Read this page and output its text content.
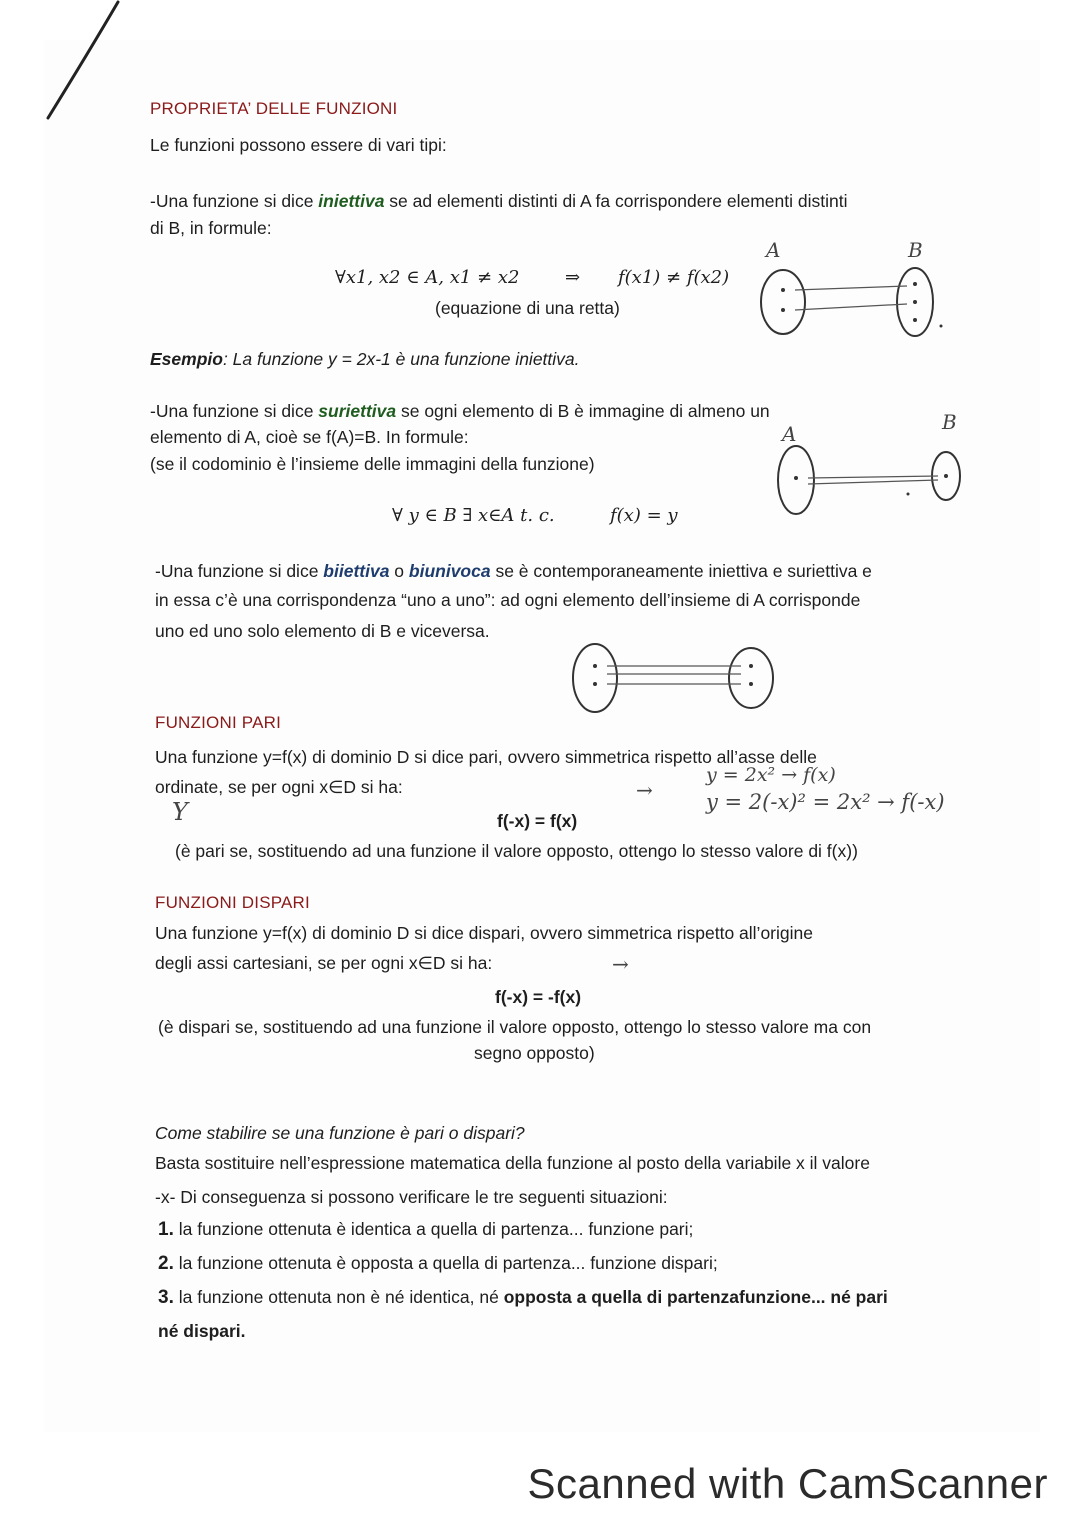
PROPRIETA’ DELLE FUNZIONI
Le funzioni possono essere di vari tipi:
-Una funzione si dice iniettiva se ad elementi distinti di A fa corrispondere elementi distinti
di B, in formule:
∀x1, x2 ∈ A, x1 ≠ x2	⇒ f(x1) ≠ f(x2)
(equazione di una retta)
A	B
Esempio: La funzione y = 2x-1 è una funzione iniettiva.
-Una funzione si dice suriettiva se ogni elemento di B è immagine di almeno un
elemento di A, cioè se f(A)=B. In formule:
(se il codominio è l’insieme delle immagini della funzione)
∀ y ∈ B ∃ x∈A t. c.	f(x) = y
A	B
-Una funzione si dice biiettiva o biunivoca se è contemporaneamente iniettiva e suriettiva e
in essa c’è una corrispondenza “uno a uno”: ad ogni elemento dell’insieme di A corrisponde
uno ed uno solo elemento di B e viceversa.
FUNZIONI PARI
Una funzione y=f(x) di dominio D si dice pari, ovvero simmetrica rispetto all’asse delle
ordinate, se per ogni x∈D si ha:
Y	f(-x) = f(x)
→
y = 2x² → f(x)
y = 2(-x)² = 2x² → f(-x)
(è pari se, sostituendo ad una funzione il valore opposto, ottengo lo stesso valore di f(x))
FUNZIONI DISPARI
Una funzione y=f(x) di dominio D si dice dispari, ovvero simmetrica rispetto all’origine
degli assi cartesiani, se per ogni x∈D si ha:	→
f(-x) = -f(x)
(è dispari se, sostituendo ad una funzione il valore opposto, ottengo lo stesso valore ma con
segno opposto)
Come stabilire se una funzione è pari o dispari?
Basta sostituire nell’espressione matematica della funzione al posto della variabile x il valore
-x- Di conseguenza si possono verificare le tre seguenti situazioni:
1. la funzione ottenuta è identica a quella di partenza... funzione pari;
2. la funzione ottenuta è opposta a quella di partenza... funzione dispari;
3. la funzione ottenuta non è né identica, né opposta a quella di partenzafunzione... né pari
né dispari.
Scanned with CamScanner
